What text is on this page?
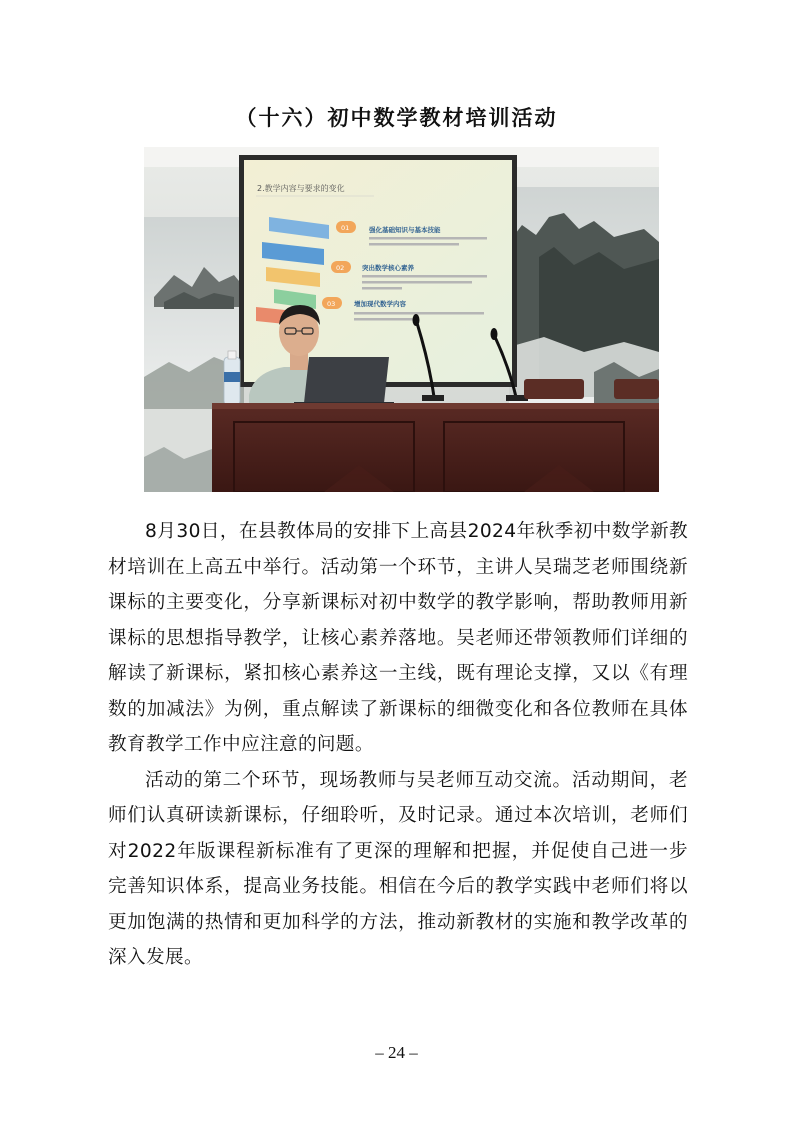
（十六）初中数学教材培训活动
2.教学内容与要求的变化
01	强化基础知识与基本技能
02	突出数学核心素养
03	增加现代数学内容

8月30日，在县教体局的安排下上高县2024年秋季初中数学新教材培训在上高五中举行。活动第一个环节，主讲人吴瑞芝老师围绕新课标的主要变化，分享新课标对初中数学的教学影响，帮助教师用新课标的思想指导教学，让核心素养落地。吴老师还带领教师们详细的解读了新课标，紧扣核心素养这一主线，既有理论支撑，又以《有理数的加减法》为例，重点解读了新课标的细微变化和各位教师在具体教育教学工作中应注意的问题。

活动的第二个环节，现场教师与吴老师互动交流。活动期间，老师们认真研读新课标，仔细聆听，及时记录。通过本次培训，老师们对2022年版课程新标准有了更深的理解和把握，并促使自己进一步完善知识体系，提高业务技能。相信在今后的教学实践中老师们将以更加饱满的热情和更加科学的方法，推动新教材的实施和教学改革的深入发展。

– 24 –
